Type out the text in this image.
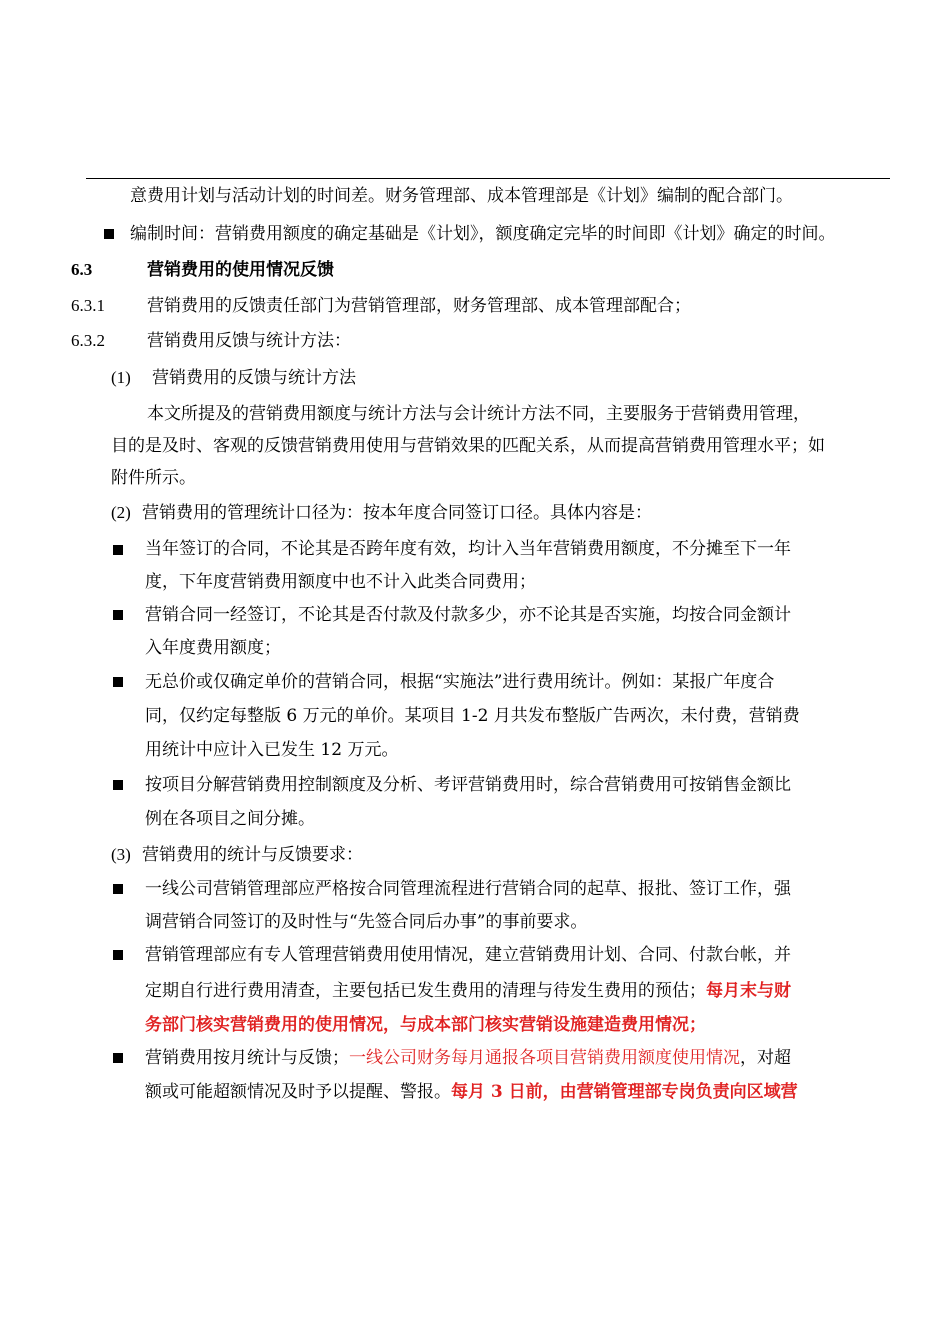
意费用计划与活动计划的时间差。财务管理部、成本管理部是《计划》编制的配合部门。
编制时间：营销费用额度的确定基础是《计划》，额度确定完毕的时间即《计划》确定的时间。
6.3	营销费用的使用情况反馈
6.3.1 营销费用的反馈责任部门为营销管理部，财务管理部、成本管理部配合；
6.3.2 营销费用反馈与统计方法：
(1) 营销费用的反馈与统计方法
本文所提及的营销费用额度与统计方法与会计统计方法不同，主要服务于营销费用管理，
目的是及时、客观的反馈营销费用使用与营销效果的匹配关系，从而提高营销费用管理水平；如
附件所示。
(2) 营销费用的管理统计口径为：按本年度合同签订口径。具体内容是：
当年签订的合同，不论其是否跨年度有效，均计入当年营销费用额度，不分摊至下一年
度，下年度营销费用额度中也不计入此类合同费用；
营销合同一经签订，不论其是否付款及付款多少，亦不论其是否实施，均按合同金额计
入年度费用额度；
无总价或仅确定单价的营销合同，根据“实施法”进行费用统计。例如：某报广年度合
同，仅约定每整版 6 万元的单价。某项目 1-2 月共发布整版广告两次，未付费，营销费
用统计中应计入已发生 12 万元。
按项目分解营销费用控制额度及分析、考评营销费用时，综合营销费用可按销售金额比
例在各项目之间分摊。
(3) 营销费用的统计与反馈要求：
一线公司营销管理部应严格按合同管理流程进行营销合同的起草、报批、签订工作，强
调营销合同签订的及时性与“先签合同后办事”的事前要求。
营销管理部应有专人管理营销费用使用情况，建立营销费用计划、合同、付款台帐，并
定期自行进行费用清查，主要包括已发生费用的清理与待发生费用的预估；每月末与财
务部门核实营销费用的使用情况，与成本部门核实营销设施建造费用情况；
营销费用按月统计与反馈；一线公司财务每月通报各项目营销费用额度使用情况，对超
额或可能超额情况及时予以提醒、警报。每月 3 日前，由营销管理部专岗负责向区域营
